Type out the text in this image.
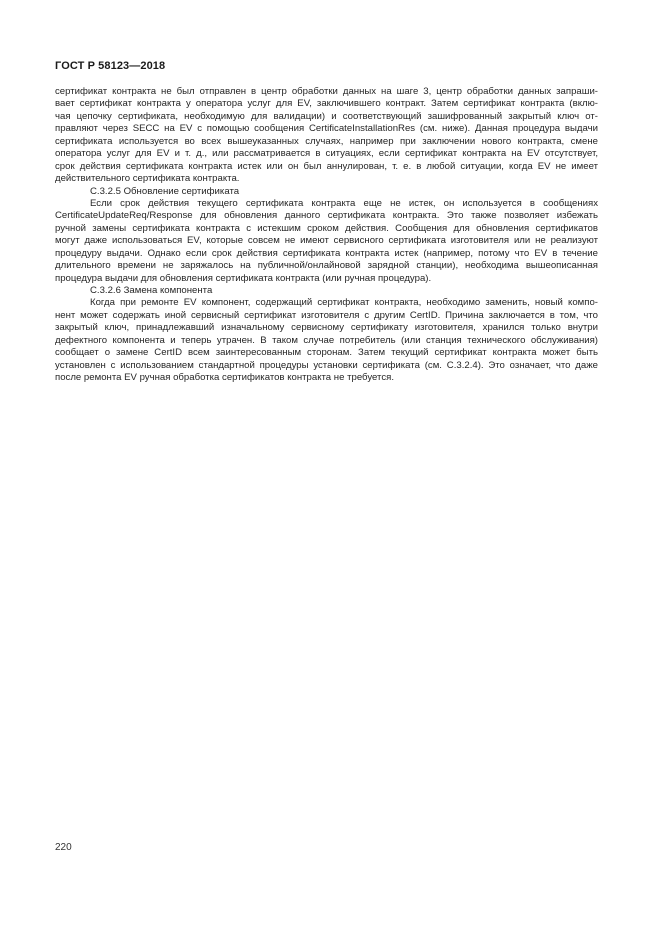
ГОСТ Р 58123—2018
сертификат контракта не был отправлен в центр обработки данных на шаге 3, центр обработки данных запраши-
вает сертификат контракта у оператора услуг для EV, заключившего контракт. Затем сертификат контракта (вклю-
чая цепочку сертификата, необходимую для валидации) и соответствующий зашифрованный закрытый ключ от-
правляют через SECC на EV с помощью сообщения CertificateInstallationRes (см. ниже). Данная процедура выдачи
сертификата используется во всех вышеуказанных случаях, например при заключении нового контракта, смене
оператора услуг для EV и т. д., или рассматривается в ситуациях, если сертификат контракта на EV отсутствует,
срок действия сертификата контракта истек или он был аннулирован, т. е. в любой ситуации, когда EV не имеет
действительного сертификата контракта.
C.3.2.5 Обновление сертификата
Если срок действия текущего сертификата контракта еще не истек, он используется в сообщениях
CertificateUpdateReq/Response для обновления данного сертификата контракта. Это также позволяет избежать
ручной замены сертификата контракта с истекшим сроком действия. Сообщения для обновления сертификатов
могут даже использоваться EV, которые совсем не имеют сервисного сертификата изготовителя или не реализуют
процедуру выдачи. Однако если срок действия сертификата контракта истек (например, потому что EV в течение
длительного времени не заряжалось на публичной/онлайновой зарядной станции), необходима вышеописанная
процедура выдачи для обновления сертификата контракта (или ручная процедура).
C.3.2.6 Замена компонента
Когда при ремонте EV компонент, содержащий сертификат контракта, необходимо заменить, новый компо-
нент может содержать иной сервисный сертификат изготовителя с другим CertID. Причина заключается в том, что
закрытый ключ, принадлежавший изначальному сервисному сертификату изготовителя, хранился только внутри
дефектного компонента и теперь утрачен. В таком случае потребитель (или станция технического обслуживания)
сообщает о замене CertID всем заинтересованным сторонам. Затем текущий сертификат контракта может быть
установлен с использованием стандартной процедуры установки сертификата (см. C.3.2.4). Это означает, что даже
после ремонта EV ручная обработка сертификатов контракта не требуется.
220
